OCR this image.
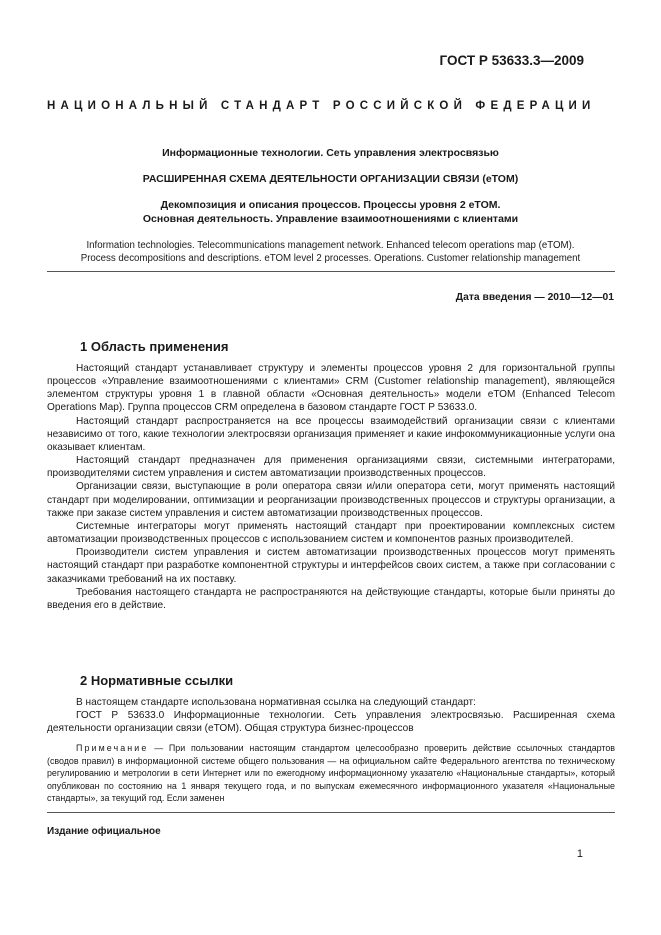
ГОСТ Р 53633.3—2009
НАЦИОНАЛЬНЫЙ СТАНДАРТ РОССИЙСКОЙ ФЕДЕРАЦИИ
Информационные технологии. Сеть управления электросвязью
РАСШИРЕННАЯ СХЕМА ДЕЯТЕЛЬНОСТИ ОРГАНИЗАЦИИ СВЯЗИ (еТОМ)
Декомпозиция и описания процессов. Процессы уровня 2 еТОМ.
Основная деятельность. Управление взаимоотношениями с клиентами
Information technologies. Telecommunications management network. Enhanced telecom operations map (eTOM).
Process decompositions and descriptions. eTOM level 2 processes. Operations. Customer relationship management
Дата введения — 2010—12—01
1 Область применения

Настоящий стандарт устанавливает структуру и элементы процессов уровня 2 для горизонтальной группы процессов «Управление взаимоотношениями с клиентами» CRM (Customer relationship management), являющейся элементом структуры уровня 1 в главной области «Основная деятельность» модели еТОМ (Enhanced Telecom Operations Map). Группа процессов CRM определена в базовом стандарте ГОСТ Р 53633.0.

Настоящий стандарт распространяется на все процессы взаимодействий организации связи с клиентами независимо от того, какие технологии электросвязи организация применяет и какие инфокоммуникационные услуги она оказывает клиентам.

Настоящий стандарт предназначен для применения организациями связи, системными интеграторами, производителями систем управления и систем автоматизации производственных процессов.

Организации связи, выступающие в роли оператора связи и/или оператора сети, могут применять настоящий стандарт при моделировании, оптимизации и реорганизации производственных процессов и структуры организации, а также при заказе систем управления и систем автоматизации производственных процессов.

Системные интеграторы могут применять настоящий стандарт при проектировании комплексных систем автоматизации производственных процессов с использованием систем и компонентов разных производителей.

Производители систем управления и систем автоматизации производственных процессов могут применять настоящий стандарт при разработке компонентной структуры и интерфейсов своих систем, а также при согласовании с заказчиками требований на их поставку.

Требования настоящего стандарта не распространяются на действующие стандарты, которые были приняты до введения его в действие.

2 Нормативные ссылки

В настоящем стандарте использована нормативная ссылка на следующий стандарт:

ГОСТ Р 53633.0 Информационные технологии. Сеть управления электросвязью. Расширенная схема деятельности организации связи (еТОМ). Общая структура бизнес-процессов

Примечание — При пользовании настоящим стандартом целесообразно проверить действие ссылочных стандартов (сводов правил) в информационной системе общего пользования — на официальном сайте Федерального агентства по техническому регулированию и метрологии в сети Интернет или по ежегодному информационному указателю «Национальные стандарты», который опубликован по состоянию на 1 января текущего года, и по выпускам ежемесячного информационного указателя «Национальные стандарты», за текущий год. Если заменен

Издание официальное
1
